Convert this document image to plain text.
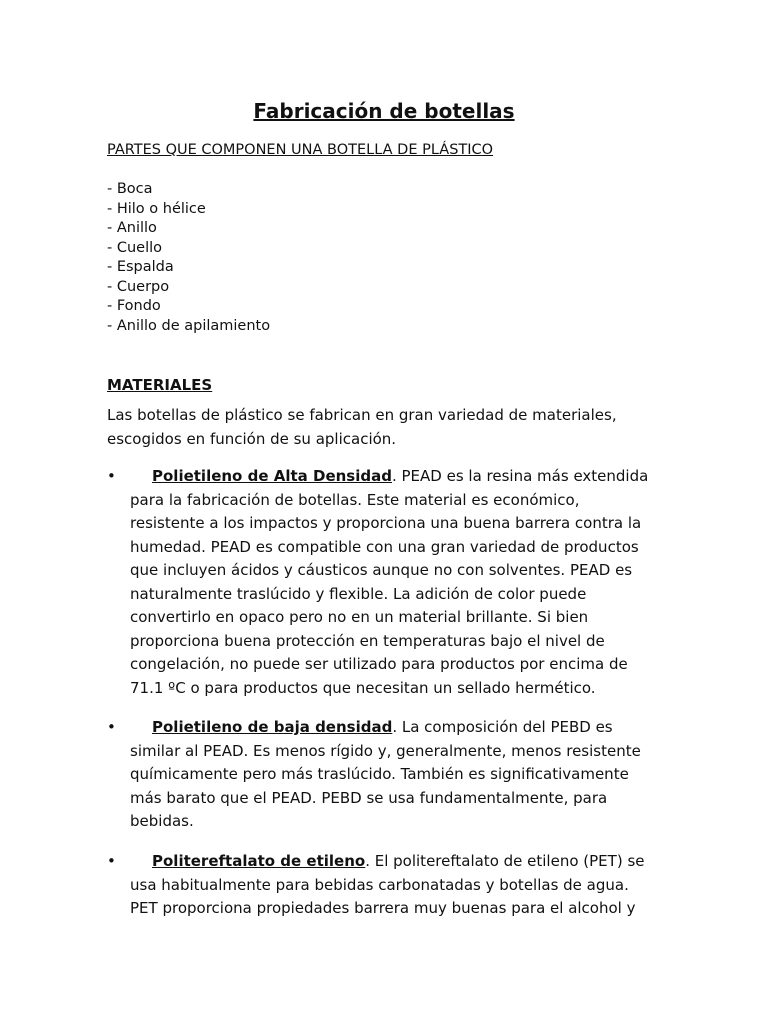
Fabricación de botellas

PARTES QUE COMPONEN UNA BOTELLA DE PLÁSTICO

- Boca
- Hilo o hélice
- Anillo
- Cuello
- Espalda
- Cuerpo
- Fondo
- Anillo de apilamiento

MATERIALES

Las botellas de plástico se fabrican en gran variedad de materiales, escogidos en función de su aplicación.

•	Polietileno de Alta Densidad. PEAD es la resina más extendida para la fabricación de botellas. Este material es económico, resistente a los impactos y proporciona una buena barrera contra la humedad. PEAD es compatible con una gran variedad de productos que incluyen ácidos y cáusticos aunque no con solventes. PEAD es naturalmente traslúcido y flexible. La adición de color puede convertirlo en opaco pero no en un material brillante. Si bien proporciona buena protección en temperaturas bajo el nivel de congelación, no puede ser utilizado para productos por encima de 71.1 ºC o para productos que necesitan un sellado hermético.
•	Polietileno de baja densidad. La composición del PEBD es similar al PEAD. Es menos rígido y, generalmente, menos resistente químicamente pero más traslúcido. También es significativamente más barato que el PEAD. PEBD se usa fundamentalmente, para bebidas.
•	Politereftalato de etileno. El politereftalato de etileno (PET) se usa habitualmente para bebidas carbonatadas y botellas de agua. PET proporciona propiedades barrera muy buenas para el alcohol y
